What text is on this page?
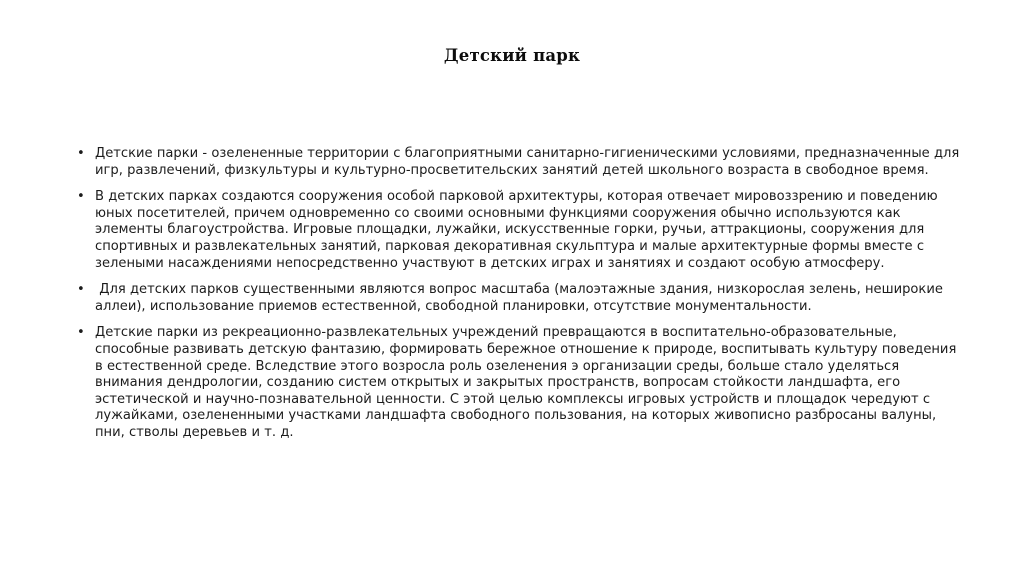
Детский парк
• Детские парки - озелененные территории с благоприятными санитарно-гигиеническими условиями, предназначенные для игр, развлечений, физкультуры и культурно-просветительских занятий детей школьного возраста в свободное время.
• В детских парках создаются сооружения особой парковой архитектуры, которая отвечает мировоззрению и поведению юных посетителей, причем одновременно со своими основными функциями сооружения обычно используются как элементы благоустройства. Игровые площадки, лужайки, искусственные горки, ручьи, аттракционы, сооружения для спортивных и развлекательных занятий, парковая декоративная скульптура и малые архитектурные формы вместе с зелеными насаждениями непосредственно участвуют в детских играх и занятиях и создают особую атмосферу.
• Для детских парков существенными являются вопрос масштаба (малоэтажные здания, низкорослая зелень, неширокие аллеи), использование приемов естественной, свободной планировки, отсутствие монументальности.
• Детские парки из рекреационно-развлекательных учреждений превращаются в воспитательно-образовательные, способные развивать детскую фантазию, формировать бережное отношение к природе, воспитывать культуру поведения в естественной среде. Вследствие этого возросла роль озеленения э организации среды, больше стало уделяться внимания дендрологии, созданию систем открытых и закрытых пространств, вопросам стойкости ландшафта, его эстетической и научно-познавательной ценности. С этой целью комплексы игровых устройств и площадок чередуют с лужайками, озелененными участками ландшафта свободного пользования, на которых живописно разбросаны валуны, пни, стволы деревьев и т. д.
